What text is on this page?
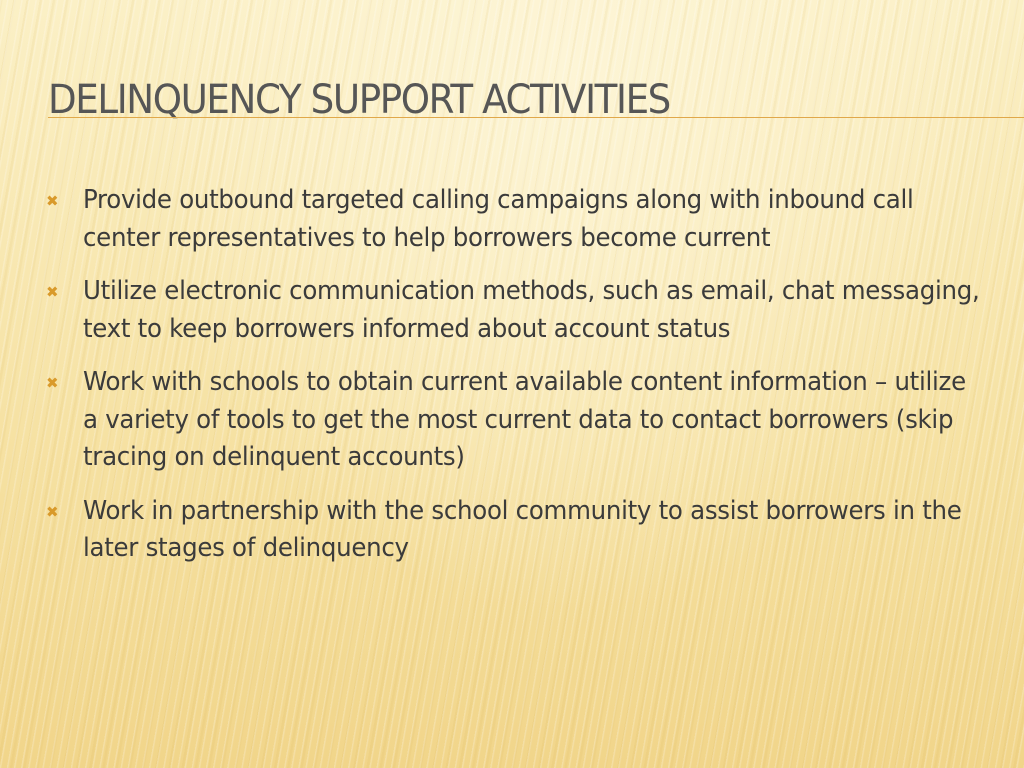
DELINQUENCY SUPPORT ACTIVITIES
✖ Provide outbound targeted calling campaigns along with inbound call center representatives to help borrowers become current
✖ Utilize electronic communication methods, such as email, chat messaging, text to keep borrowers informed about account status
✖ Work with schools to obtain current available content information – utilize a variety of tools to get the most current data to contact borrowers (skip tracing on delinquent accounts)
✖ Work in partnership with the school community to assist borrowers in the later stages of delinquency
